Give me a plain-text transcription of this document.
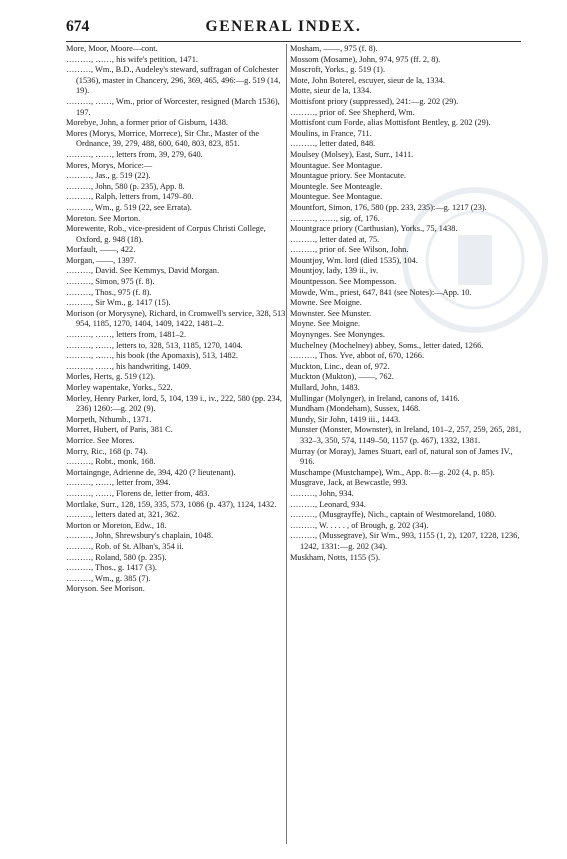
674	GENERAL INDEX.
More, Moor, Moore—cont.
………, ……, his wife's petition, 1471.
………, Wm., B.D., Audeley's steward, suffragan of Colchester (1536), master in Chancery, 296, 369, 465, 496:—g. 519 (14, 19).
………, ……, Wm., prior of Worcester, resigned (March 1536), 197.
Morebye, John, a former prior of Gisburn, 1438.
Mores (Morys, Morrice, Morrece), Sir Chr., Master of the Ordnance, 39, 279, 488, 600, 640, 803, 823, 851.
………, ……, letters from, 39, 279, 640.
Mores, Morys, Morice:—
………, Jas., g. 519 (22).
………, John, 580 (p. 235), App. 8.
………, Ralph, letters from, 1479–80.
………, Wm., g. 519 (22, see Errata).
Moreton. See Morton.
Morewente, Rob., vice-president of Corpus Christi College, Oxford, g. 948 (18).
Morfault, ——, 422.
Morgan, ——, 1397.
………, David. See Kemmys, David Morgan.
………, Simon, 975 (f. 8).
………, Thos., 975 (f. 8).
………, Sir Wm., g. 1417 (15).
Morison (or Morysyne), Richard, in Cromwell's service, 328, 513, 954, 1185, 1270, 1404, 1409, 1422, 1481–2.
………, ……, letters from, 1481–2.
………, ……, letters to, 328, 513, 1185, 1270, 1404.
………, ……, his book (the Apomaxis), 513, 1482.
………, ……, his handwriting, 1409.
Morles, Herts, g. 519 (12).
Morley wapentake, Yorks., 522.
Morley, Henry Parker, lord, 5, 104, 139 i., iv., 222, 580 (pp. 234, 236) 1260:—g. 202 (9).
Morpeth, Nthumb., 1371.
Morret, Hubert, of Paris, 381 C.
Morrice. See Mores.
Morry, Ric., 168 (p. 74).
………, Robt., monk, 168.
Mortaingnge, Adrienne de, 394, 420 (? lieutenant).
………, ……, letter from, 394.
………, ……, Florens de, letter from, 483.
Mortlake, Surr., 128, 159, 335, 573, 1086 (p. 437), 1124, 1432.
………, letters dated at, 321, 362.
Morton or Moreton, Edw., 18.
………, John, Shrewsbury's chaplain, 1048.
………, Rob. of St. Alban's, 354 ii.
………, Roland, 580 (p. 235).
………, Thos., g. 1417 (3).
………, Wm., g. 385 (7).
Moryson. See Morison.
Mosham, ——, 975 (f. 8).
Mossom (Mosame), John, 974, 975 (ff. 2, 8).
Moscroft, Yorks., g. 519 (1).
Mote, John Boterel, escuyer, sieur de la, 1334.
Motte, sieur de la, 1334.
Mottisfont priory (suppressed), 241:—g. 202 (29).
………, prior of. See Shepherd, Wm.
Mottisfont cum Forde, alias Mottisfont Bentley, g. 202 (29).
Moulins, in France, 711.
………, letter dated, 848.
Moulsey (Molsey), East, Surr., 1411.
Mountague. See Montague.
Mountague priory. See Montacute.
Mountegle. See Monteagle.
Mountegue. See Montague.
Mountfort, Simon, 176, 580 (pp. 233, 235):—g. 1217 (23).
………, ……, sig. of, 176.
Mountgrace priory (Carthusian), Yorks., 75, 1438.
………, letter dated at, 75.
………, prior of. See Wilson, John.
Mountjoy, Wm. lord (died 1535), 104.
Mountjoy, lady, 139 ii., iv.
Mountpesson. See Mompesson.
Mowde, Wm., priest, 647, 841 (see Notes):—App. 10.
Mowne. See Moigne.
Mownster. See Munster.
Moyne. See Moigne.
Moynynges. See Monynges.
Muchelney (Mochelney) abbey, Soms., letter dated, 1266.
………, Thos. Yve, abbot of, 670, 1266.
Muckton, Linc., dean of, 972.
Muckton (Mukton), ——, 762.
Mullard, John, 1483.
Mullingar (Molynger), in Ireland, canons of, 1416.
Mundham (Mondeham), Sussex, 1468.
Mundy, Sir John, 1419 iii., 1443.
Munster (Monster, Mownster), in Ireland, 101–2, 257, 259, 265, 281, 332–3, 350, 574, 1149–50, 1157 (p. 467), 1332, 1381.
Murray (or Moray), James Stuart, earl of, natural son of James IV., 916.
Muschampe (Mustchampe), Wm., App. 8:—g. 202 (4, p. 85).
Musgrave, Jack, at Bewcastle, 993.
………, John, 934.
………, Leonard, 934.
………, (Musgrayffe), Nich., captain of Westmoreland, 1080.
………, W. . . . . , of Brough, g. 202 (34).
………, (Mussegrave), Sir Wm., 993, 1155 (1, 2), 1207, 1228, 1236, 1242, 1331:—g. 202 (34).
Muskham, Notts, 1155 (5).
